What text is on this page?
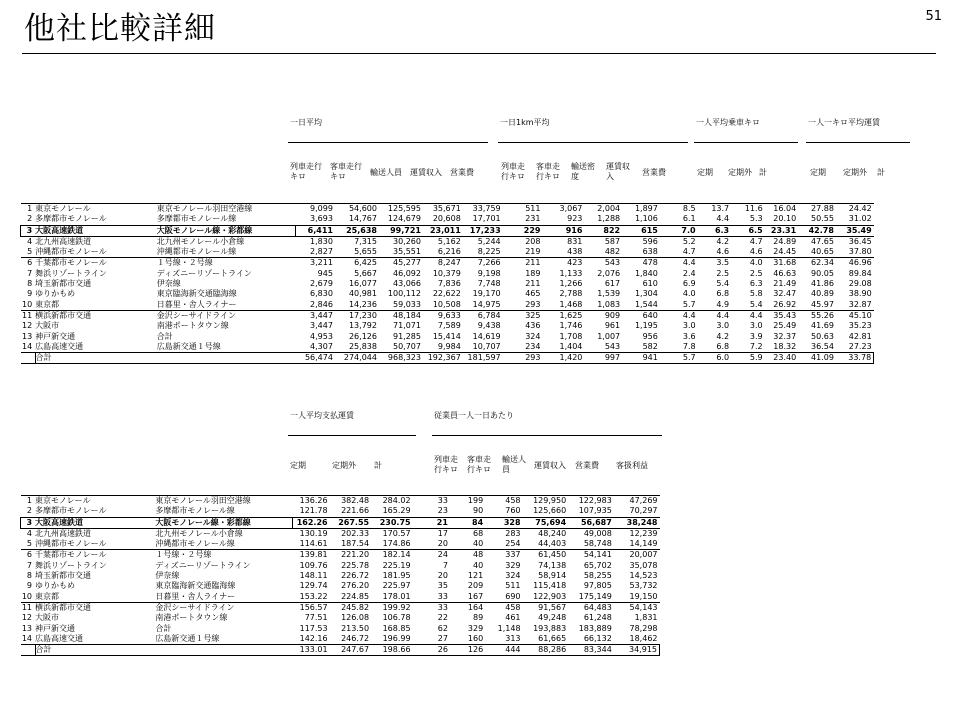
他社比較詳細	51
一日平均	一日1km平均	一人平均乗車キロ	一人一キロ平均運賃
列車走行
キロ
客車走行
キロ	輸送人員 運賃収入 営業費
列車走
行キロ
客車走
行キロ
輸送密
度
運賃収
入	営業費	定期 定期外 計	定期 定期外 計
1	東京モノレール	東京モノレール羽田空港線	9,099	54,600	125,595	35,671	33,759	511	3,067	2,004	1,897	8.5	13.7	11.6	16.04	27.88	24.42
2	多摩都市モノレール	多摩都市モノレール線	3,693	14,767	124,679	20,608	17,701	231	923	1,288	1,106	6.1	4.4	5.3	20.10	50.55	31.02
3	大阪高速鉄道	大阪モノレール線・彩都線	6,411	25,638	99,721	23,011	17,233	229	916	822	615	7.0	6.3	6.5	23.31	42.78	35.49
4	北九州高速鉄道	北九州モノレール小倉線	1,830	7,315	30,260	5,162	5,244	208	831	587	596	5.2	4.2	4.7	24.89	47.65	36.45
5	沖縄都市モノレール	沖縄都市モノレール線	2,827	5,655	35,551	6,216	8,225	219	438	482	638	4.7	4.6	4.6	24.45	40.65	37.80
6	千葉都市モノレール	１号線・２号線	3,211	6,425	45,277	8,247	7,266	211	423	543	478	4.4	3.5	4.0	31.68	62.34	46.96
7	舞浜リゾートライン	ディズニーリゾートライン	945	5,667	46,092	10,379	9,198	189	1,133	2,076	1,840	2.4	2.5	2.5	46.63	90.05	89.84
8	埼玉新都市交通	伊奈線	2,679	16,077	43,066	7,836	7,748	211	1,266	617	610	6.9	5.4	6.3	21.49	41.86	29.08
9	ゆりかもめ	東京臨海新交通臨海線	6,830	40,981	100,112	22,622	19,170	465	2,788	1,539	1,304	4.0	6.8	5.8	32.47	40.89	38.90
10	東京都	日暮里・舎人ライナー	2,846	14,236	59,033	10,508	14,975	293	1,468	1,083	1,544	5.7	4.9	5.4	26.92	45.97	32.87
11	横浜新都市交通	金沢シーサイドライン	3,447	17,230	48,184	9,633	6,784	325	1,625	909	640	4.4	4.4	4.4	35.43	55.26	45.10
12	大阪市	南港ポートタウン線	3,447	13,792	71,071	7,589	9,438	436	1,746	961	1,195	3.0	3.0	3.0	25.49	41.69	35.23
13	神戸新交通	合計	4,953	26,126	91,285	15,414	14,619	324	1,708	1,007	956	3.6	4.2	3.9	32.37	50.63	42.81
14	広島高速交通	広島新交通１号線	4,307	25,838	50,707	9,984	10,707	234	1,404	543	582	7.8	6.8	7.2	18.32	36.54	27.23
	合計		56,474	274,044	968,323	192,367	181,597	293	1,420	997	941	5.7	6.0	5.9	23.40	41.09	33.78
一人平均支払運賃	従業員一人一日あたり
定期	定期外 計
列車走
行キロ
客車走
行キロ
輸送人
員	運賃収入 営業費 客扱利益
1	東京モノレール	東京モノレール羽田空港線	136.26	382.48	284.02	33	199	458	129,950	122,983	47,269
2	多摩都市モノレール	多摩都市モノレール線	121.78	221.66	165.29	23	90	760	125,660	107,935	70,297
3	大阪高速鉄道	大阪モノレール線・彩都線	162.26	267.55	230.75	21	84	328	75,694	56,687	38,248
4	北九州高速鉄道	北九州モノレール小倉線	130.19	202.33	170.57	17	68	283	48,240	49,008	12,239
5	沖縄都市モノレール	沖縄都市モノレール線	114.61	187.54	174.86	20	40	254	44,403	58,748	14,149
6	千葉都市モノレール	１号線・２号線	139.81	221.20	182.14	24	48	337	61,450	54,141	20,007
7	舞浜リゾートライン	ディズニーリゾートライン	109.76	225.78	225.19	7	40	329	74,138	65,702	35,078
8	埼玉新都市交通	伊奈線	148.11	226.72	181.95	20	121	324	58,914	58,255	14,523
9	ゆりかもめ	東京臨海新交通臨海線	129.74	276.20	225.97	35	209	511	115,418	97,805	53,732
10	東京都	日暮里・舎人ライナー	153.22	224.85	178.01	33	167	690	122,903	175,149	19,150
11	横浜新都市交通	金沢シーサイドライン	156.57	245.82	199.92	33	164	458	91,567	64,483	54,143
12	大阪市	南港ポートタウン線	77.51	126.08	106.78	22	89	461	49,248	61,248	1,831
13	神戸新交通	合計	117.53	213.50	168.85	62	329	1,148	193,883	183,889	78,298
14	広島高速交通	広島新交通１号線	142.16	246.72	196.99	27	160	313	61,665	66,132	18,462
	合計		133.01	247.67	198.66	26	126	444	88,286	83,344	34,915
